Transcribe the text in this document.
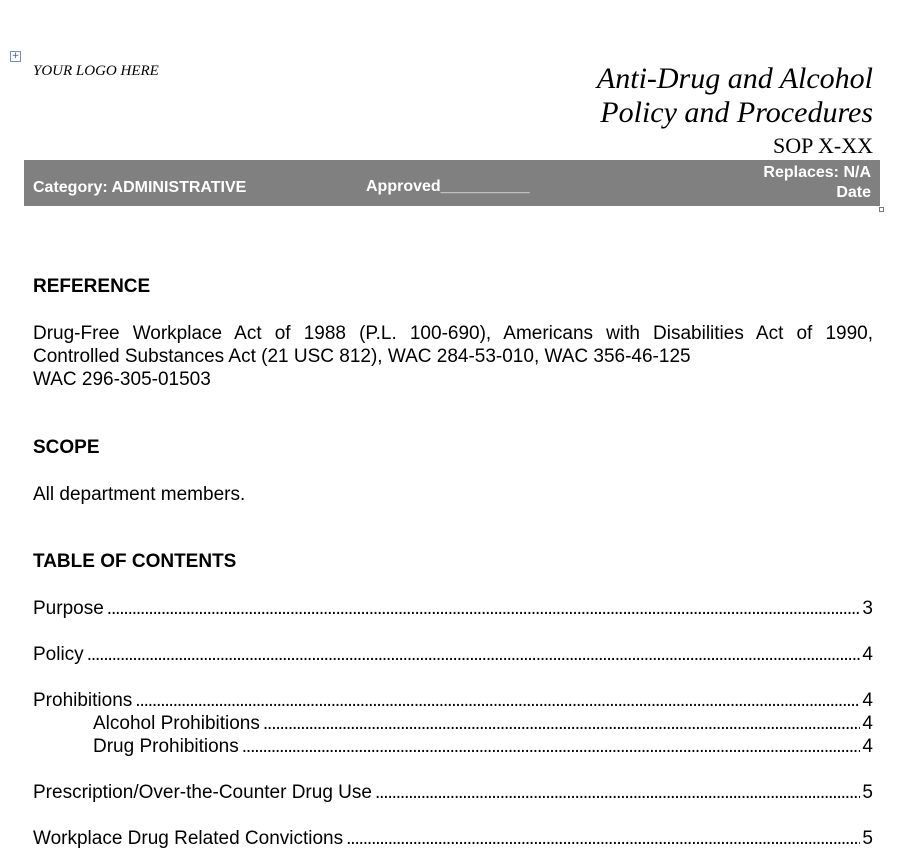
+
YOUR LOGO HERE	Anti-Drug and Alcohol
Policy and Procedures
SOP X-XX
Category: ADMINISTRATIVE	Approved__________
Replaces: N/A
Date
REFERENCE
Drug-Free Workplace Act of 1988 (P.L. 100-690), Americans with Disabilities Act of 1990,
Controlled Substances Act (21 USC 812), WAC 284-53-010, WAC 356-46-125
WAC 296-305-01503
SCOPE
All department members.
TABLE OF CONTENTS
Purpose . . .	3
Policy . . .	4
Prohibitions . . .	4
Alcohol Prohibitions . . .	4
Drug Prohibitions . . .	4
Prescription/Over-the-Counter Drug Use . . .	5
Workplace Drug Related Convictions . . .	5
